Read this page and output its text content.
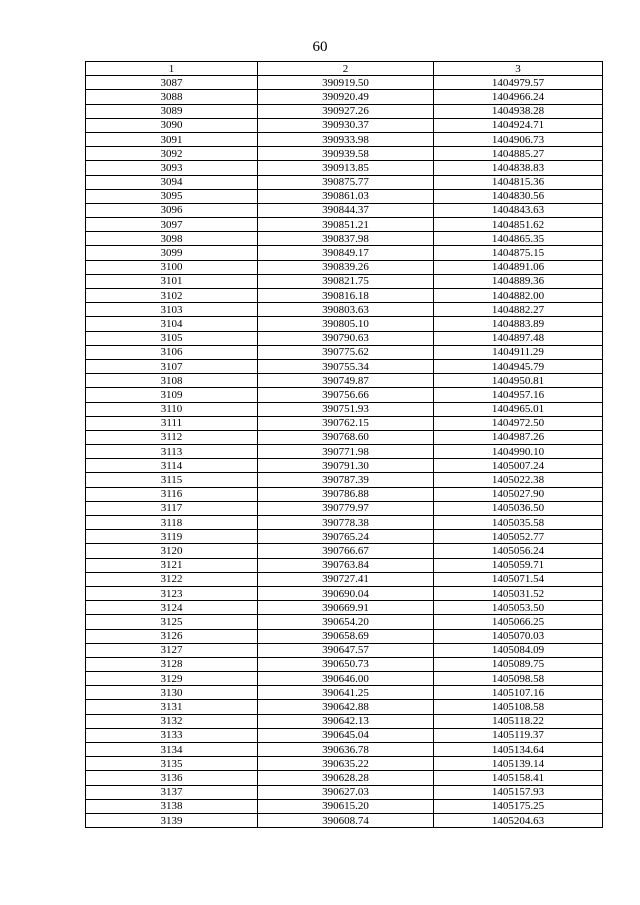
60
1	2	3
3087	390919.50	1404979.57
3088	390920.49	1404966.24
3089	390927.26	1404938.28
3090	390930.37	1404924.71
3091	390933.98	1404906.73
3092	390939.58	1404885.27
3093	390913.85	1404838.83
3094	390875.77	1404815.36
3095	390861.03	1404830.56
3096	390844.37	1404843.63
3097	390851.21	1404851.62
3098	390837.98	1404865.35
3099	390849.17	1404875.15
3100	390839.26	1404891.06
3101	390821.75	1404889.36
3102	390816.18	1404882.00
3103	390803.63	1404882.27
3104	390805.10	1404883.89
3105	390790.63	1404897.48
3106	390775.62	1404911.29
3107	390755.34	1404945.79
3108	390749.87	1404950.81
3109	390756.66	1404957.16
3110	390751.93	1404965.01
3111	390762.15	1404972.50
3112	390768.60	1404987.26
3113	390771.98	1404990.10
3114	390791.30	1405007.24
3115	390787.39	1405022.38
3116	390786.88	1405027.90
3117	390779.97	1405036.50
3118	390778.38	1405035.58
3119	390765.24	1405052.77
3120	390766.67	1405056.24
3121	390763.84	1405059.71
3122	390727.41	1405071.54
3123	390690.04	1405031.52
3124	390669.91	1405053.50
3125	390654.20	1405066.25
3126	390658.69	1405070.03
3127	390647.57	1405084.09
3128	390650.73	1405089.75
3129	390646.00	1405098.58
3130	390641.25	1405107.16
3131	390642.88	1405108.58
3132	390642.13	1405118.22
3133	390645.04	1405119.37
3134	390636.78	1405134.64
3135	390635.22	1405139.14
3136	390628.28	1405158.41
3137	390627.03	1405157.93
3138	390615.20	1405175.25
3139	390608.74	1405204.63
